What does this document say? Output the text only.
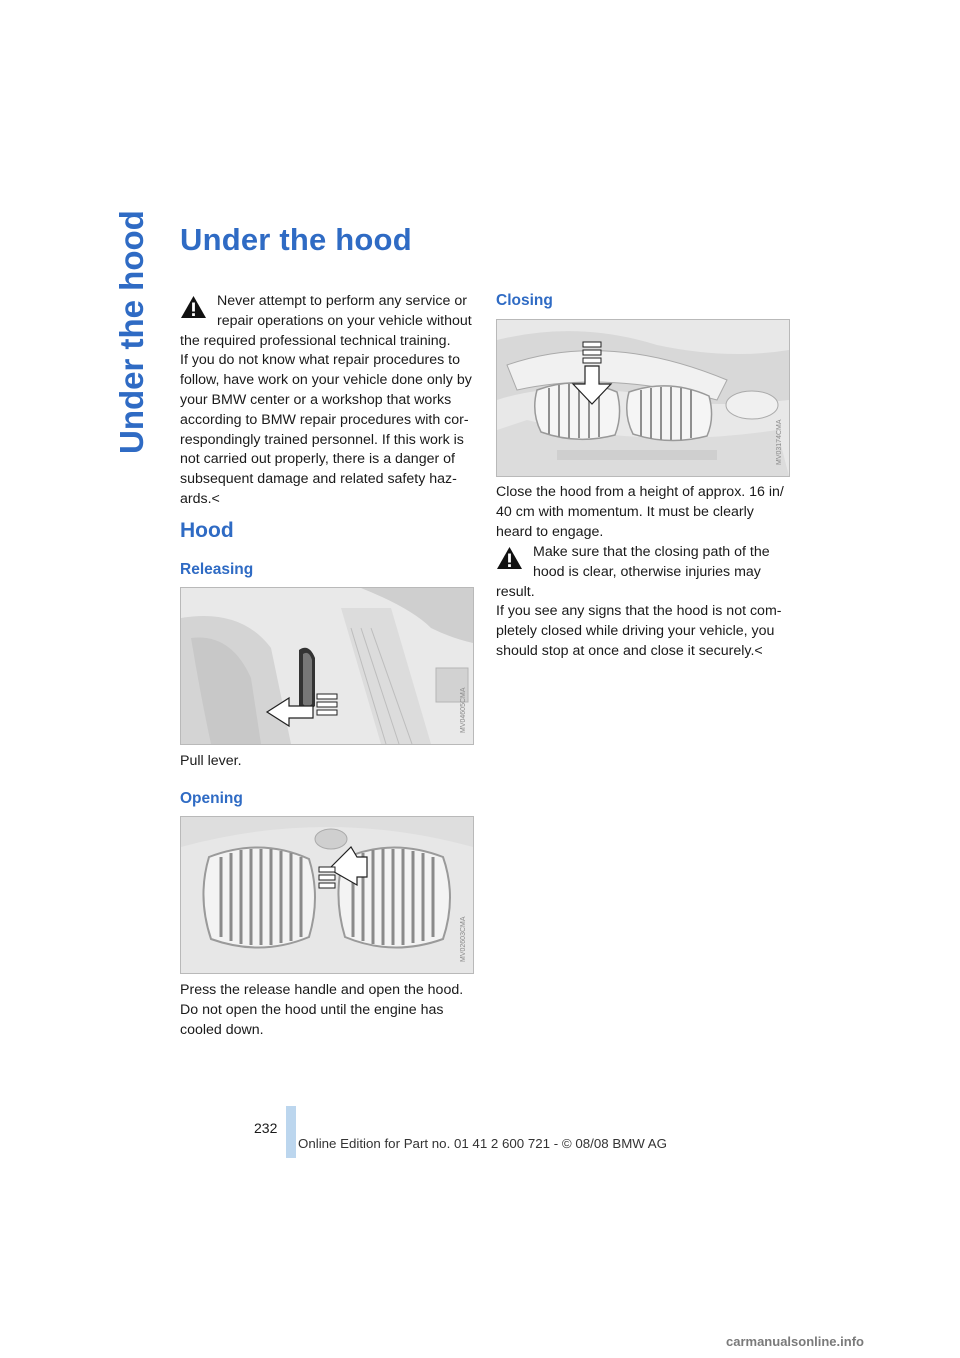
Under the hood Under the hood

Never attempt to perform any service or

repair operations on your vehicle without

the required professional technical training.
If you do not know what repair procedures to follow, have work on your vehicle done only by your BMW center or a workshop that works according to BMW repair procedures with cor-respondingly trained personnel. If this work is not carried out properly, there is a danger of subsequent damage and related safety haz-ards.<

Hood
Releasing
MV04605CMA

Pull lever.

Opening
MV02603CMA

Press the release handle and open the hood. Do not open the hood until the engine has cooled down.

Closing
MV03174CMA

Close the hood from a height of approx. 16 in/ 40 cm with momentum. It must be clearly heard to engage.

Make sure that the closing path of the

hood is clear, otherwise injuries may

result.
If you see any signs that the hood is not com-pletely closed while driving your vehicle, you should stop at once and close it securely.<

232
Online Edition for Part no. 01 41 2 600 721 - © 08/08 BMW AG
carmanualsonline.info
